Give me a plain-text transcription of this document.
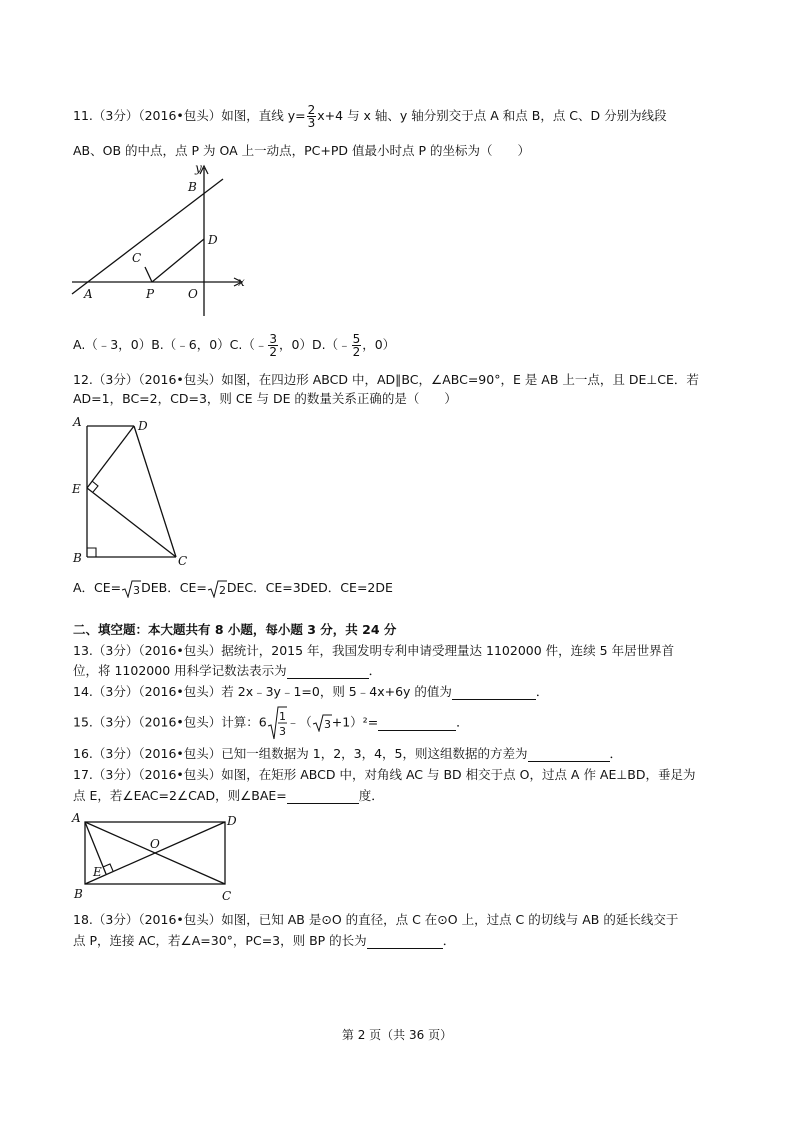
11.（3分）（2016•包头）如图，直线 $y= \frac{2}{3} x+4$ 与 x 轴、y 轴分别交于点 A 和点 B，点 C、D 分别为线段
AB、OB 的中点，点 P 为 OA 上一动点，PC+PD 值最小时点 P 的坐标为（　　）
y
B
C
D
x
A	P	O
A.（﹣3，0）B.（﹣6，0）C.（﹣ $\frac{3}{2}$ ，0）D.（﹣ $\frac{5}{2}$ ，0）
12.（3分）（2016•包头）如图，在四边形 ABCD 中，AD∥BC，∠ABC=90°，E 是 AB 上一点，且 DE⊥CE．若
AD=1，BC=2，CD=3，则 CE 与 DE 的数量关系正确的是（　　）
A	D
E
B	C
A．CE= 3 DEB．CE= 2 DEC．CE=3DED．CE=2DE
二、填空题：本大题共有 8 小题，每小题 3 分，共 24 分
13.（3分）（2016•包头）据统计，2015 年，我国发明专利申请受理量达 1102000 件，连续 5 年居世界首
位，将 1102000 用科学记数法表示为	．
14.（3分）（2016•包头）若 2x﹣3y﹣1=0，则 5﹣4x+6y 的值为	．
15.（3分）（2016•包头）计算：6 1
3
﹣（ 3 +1）²=	．
16.（3分）（2016•包头）已知一组数据为 1，2，3，4，5，则这组数据的方差为	．
17.（3分）（2016•包头）如图，在矩形 ABCD 中，对角线 AC 与 BD 相交于点 O，过点 A 作 AE⊥BD，垂足为
点 E，若∠EAC=2∠CAD，则∠BAE=	度．
A	D
O
E
B	C
18.（3分）（2016•包头）如图，已知 AB 是⊙O 的直径，点 C 在⊙O 上，过点 C 的切线与 AB 的延长线交于
点 P，连接 AC，若∠A=30°，PC=3，则 BP 的长为	．
第 2 页（共 36 页）
